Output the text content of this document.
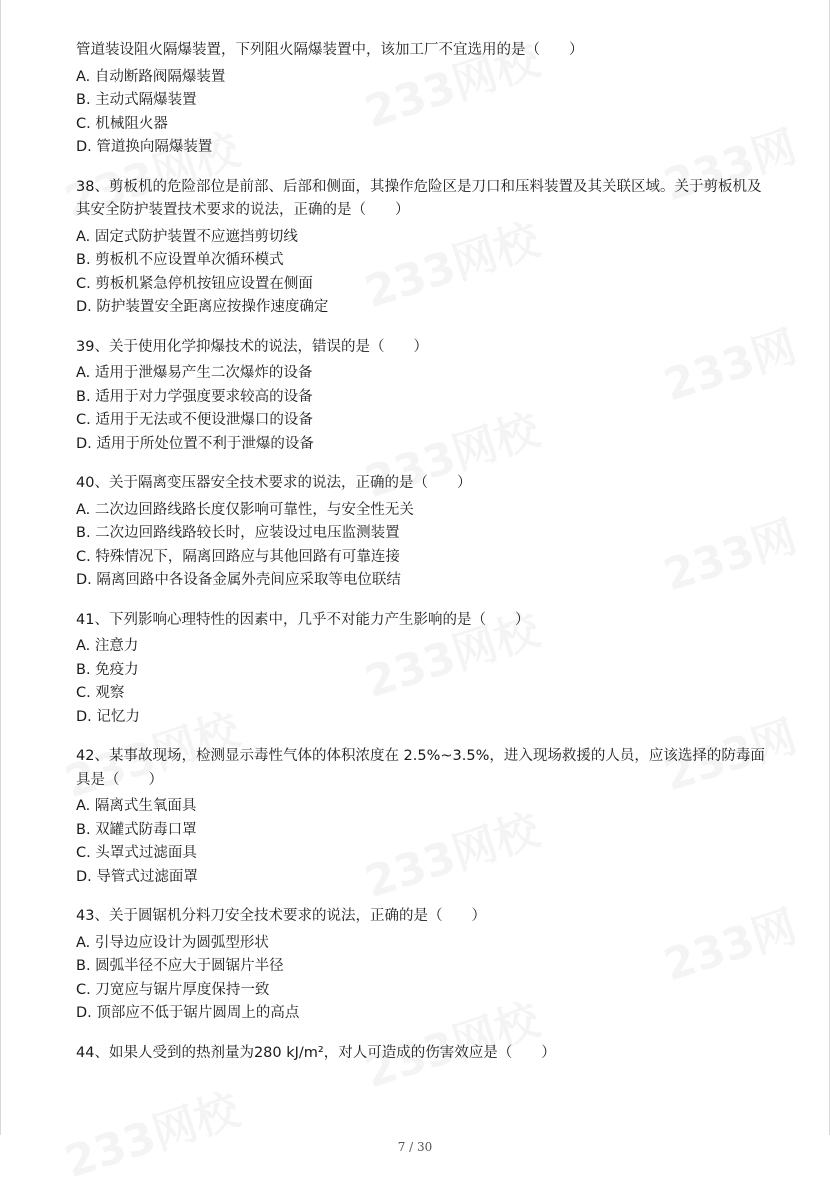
管道装设阻火隔爆装置，下列阻火隔爆装置中，该加工厂不宜选用的是（　　）

A. 自动断路阀隔爆装置

B. 主动式隔爆装置

C. 机械阻火器

D. 管道换向隔爆装置

38、剪板机的危险部位是前部、后部和侧面，其操作危险区是刀口和压料装置及其关联区域。关于剪板机及其安全防护装置技术要求的说法，正确的是（　　）

A. 固定式防护装置不应遮挡剪切线

B. 剪板机不应设置单次循环模式

C. 剪板机紧急停机按钮应设置在侧面

D. 防护装置安全距离应按操作速度确定

39、关于使用化学抑爆技术的说法，错误的是（　　）

A. 适用于泄爆易产生二次爆炸的设备

B. 适用于对力学强度要求较高的设备

C. 适用于无法或不便设泄爆口的设备

D. 适用于所处位置不利于泄爆的设备

40、关于隔离变压器安全技术要求的说法，正确的是（　　）

A. 二次边回路线路长度仅影响可靠性，与安全性无关

B. 二次边回路线路较长时，应装设过电压监测装置

C. 特殊情况下，隔离回路应与其他回路有可靠连接

D. 隔离回路中各设备金属外壳间应采取等电位联结

41、下列影响心理特性的因素中，几乎不对能力产生影响的是（　　）

A. 注意力

B. 免疫力

C. 观察

D. 记忆力

42、某事故现场，检测显示毒性气体的体积浓度在 2.5%~3.5%，进入现场救援的人员，应该选择的防毒面具是（　　）

A. 隔离式生氧面具

B. 双罐式防毒口罩

C. 头罩式过滤面具

D. 导管式过滤面罩

43、关于圆锯机分料刀安全技术要求的说法，正确的是（　　）

A. 引导边应设计为圆弧型形状

B. 圆弧半径不应大于圆锯片半径

C. 刀宽应与锯片厚度保持一致

D. 顶部应不低于锯片圆周上的高点

44、如果人受到的热剂量为280 kJ/m²，对人可造成的伤害效应是（　　）

7 / 30
